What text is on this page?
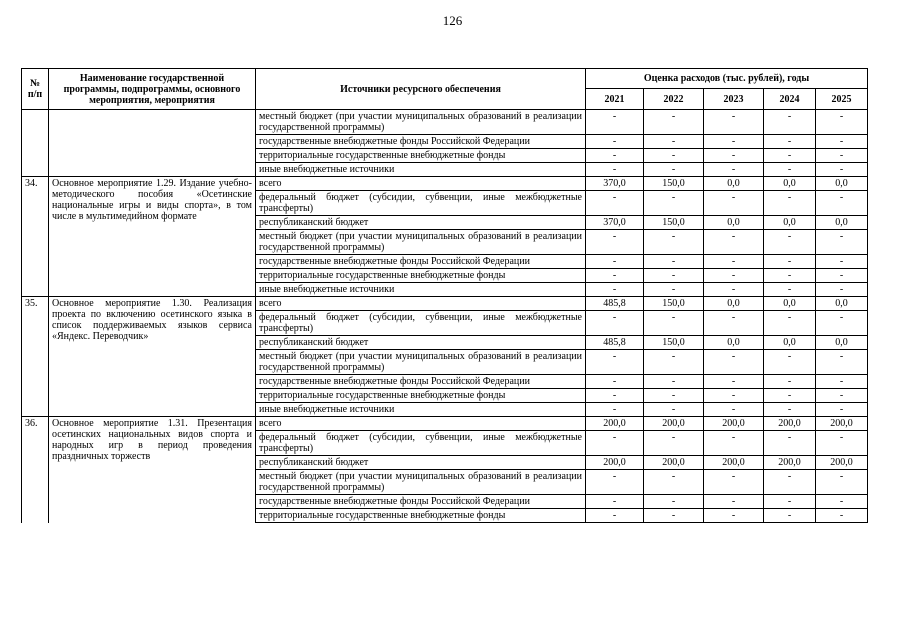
126
№ п/п	Наименование государственной программы, подпрограммы, основного мероприятия, мероприятия	Источники ресурсного обеспечения	Оценка расходов (тыс. рублей), годы				
			2021	2022	2023	2024	2025
		местный бюджет (при участии муниципальных образований в реализации государственной программы)	-	-	-	-	-
		государственные внебюджетные фонды Российской Федерации	-	-	-	-	-
		территориальные государственные внебюджетные фонды	-	-	-	-	-
		иные внебюджетные источники	-	-	-	-	-
34.	Основное мероприятие 1.29. Издание учебно-методического пособия «Осетинские национальные игры и виды спорта», в том числе в мультимедийном формате	всего	370,0	150,0	0,0	0,0	0,0
		федеральный бюджет (субсидии, субвенции, иные межбюджетные трансферты)	-	-	-	-	-
		республиканский бюджет	370,0	150,0	0,0	0,0	0,0
		местный бюджет (при участии муниципальных образований в реализации государственной программы)	-	-	-	-	-
		государственные внебюджетные фонды Российской Федерации	-	-	-	-	-
		территориальные государственные внебюджетные фонды	-	-	-	-	-
		иные внебюджетные источники	-	-	-	-	-
35.	Основное мероприятие 1.30. Реализация проекта по включению осетинского языка в список поддерживаемых языков сервиса «Яндекс. Переводчик»	всего	485,8	150,0	0,0	0,0	0,0
		федеральный бюджет (субсидии, субвенции, иные межбюджетные трансферты)	-	-	-	-	-
		республиканский бюджет	485,8	150,0	0,0	0,0	0,0
		местный бюджет (при участии муниципальных образований в реализации государственной программы)	-	-	-	-	-
		государственные внебюджетные фонды Российской Федерации	-	-	-	-	-
		территориальные государственные внебюджетные фонды	-	-	-	-	-
		иные внебюджетные источники	-	-	-	-	-
36.	Основное мероприятие 1.31. Презентация осетинских национальных видов спорта и народных игр в период проведения праздничных торжеств	всего	200,0	200,0	200,0	200,0	200,0
		федеральный бюджет (субсидии, субвенции, иные межбюджетные трансферты)	-	-	-	-	-
		республиканский бюджет	200,0	200,0	200,0	200,0	200,0
		местный бюджет (при участии муниципальных образований в реализации государственной программы)	-	-	-	-	-
		государственные внебюджетные фонды Российской Федерации	-	-	-	-	-
		территориальные государственные внебюджетные фонды	-	-	-	-	-
